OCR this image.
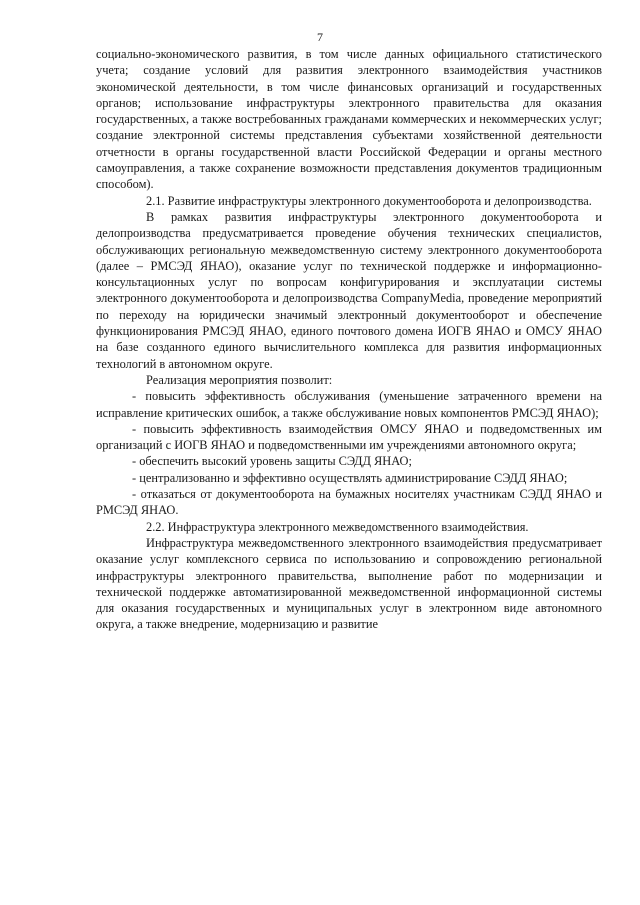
7

социально-экономического развития, в том числе данных официального статистического учета; создание условий для развития электронного взаимодействия участников экономической деятельности, в том числе финансовых организаций и государственных органов; использование инфраструктуры электронного правительства для оказания государственных, а также востребованных гражданами коммерческих и некоммерческих услуг; создание электронной системы представления субъектами хозяйственной деятельности отчетности в органы государственной власти Российской Федерации и органы местного самоуправления, а также сохранение возможности представления документов традиционным способом).

2.1. Развитие инфраструктуры электронного документооборота и делопроизводства.

В рамках развития инфраструктуры электронного документооборота и делопроизводства предусматривается проведение обучения технических специалистов, обслуживающих региональную межведомственную систему электронного документооборота (далее – РМСЭД ЯНАО), оказание услуг по технической поддержке и информационно-консультационных услуг по вопросам конфигурирования и эксплуатации системы электронного документооборота и делопроизводства CompanyMedia, проведение мероприятий по переходу на юридически значимый электронный документооборот и обеспечение функционирования РМСЭД ЯНАО, единого почтового домена ИОГВ ЯНАО и ОМСУ ЯНАО на базе созданного единого вычислительного комплекса для развития информационных технологий в автономном округе.

Реализация мероприятия позволит:

- повысить эффективность обслуживания (уменьшение затраченного времени на исправление критических ошибок, а также обслуживание новых компонентов РМСЭД ЯНАО);

- повысить эффективность взаимодействия ОМСУ ЯНАО и подведомственных им организаций с ИОГВ ЯНАО и подведомственными им учреждениями автономного округа;

- обеспечить высокий уровень защиты СЭДД ЯНАО;

- централизованно и эффективно осуществлять администрирование СЭДД ЯНАО;

- отказаться от документооборота на бумажных носителях участникам СЭДД ЯНАО и РМСЭД ЯНАО.

2.2. Инфраструктура электронного межведомственного взаимодействия.

Инфраструктура межведомственного электронного взаимодействия предусматривает оказание услуг комплексного сервиса по использованию и сопровождению региональной инфраструктуры электронного правительства, выполнение работ по модернизации и технической поддержке автоматизированной межведомственной информационной системы для оказания государственных и муниципальных услуг в электронном виде автономного округа, а также внедрение, модернизацию и развитие
